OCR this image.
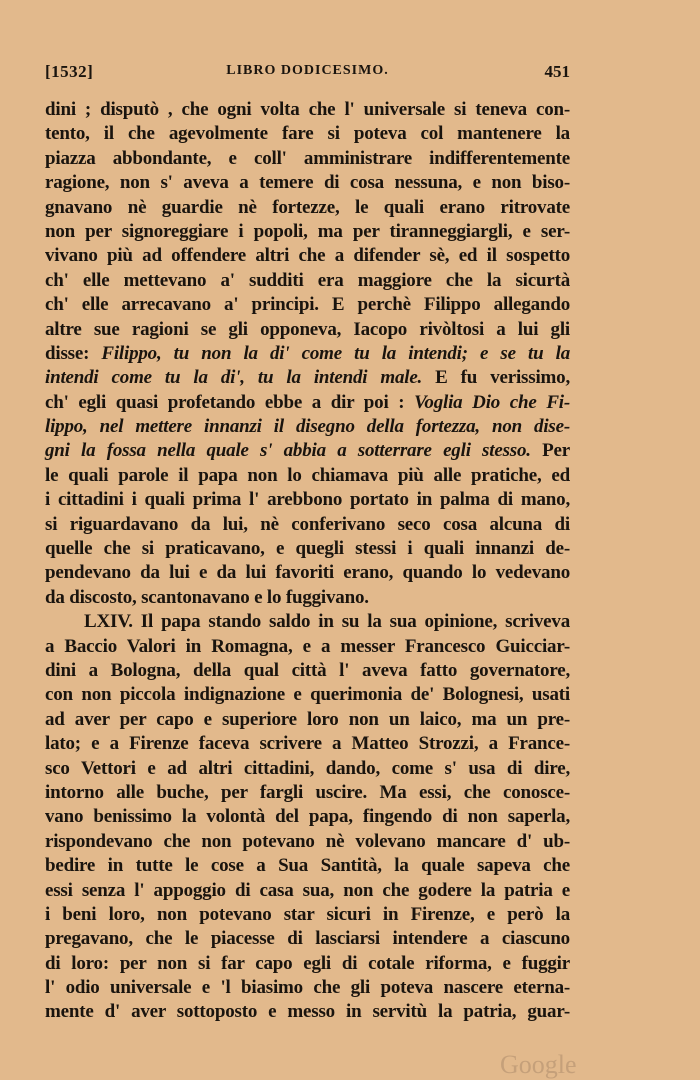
[1532]	LIBRO DODICESIMO.	451
dini ; disputò , che ogni volta che l' universale si teneva con-
tento, il che agevolmente fare si poteva col mantenere la
piazza abbondante, e coll' amministrare indifferentemente
ragione, non s' aveva a temere di cosa nessuna, e non biso-
gnavano nè guardie nè fortezze, le quali erano ritrovate
non per signoreggiare i popoli, ma per tiranneggiargli, e ser-
vivano più ad offendere altri che a difender sè, ed il sospetto
ch' elle mettevano a' sudditi era maggiore che la sicurtà
ch' elle arrecavano a' principi. E perchè Filippo allegando
altre sue ragioni se gli opponeva, Iacopo rivòltosi a lui gli
disse: Filippo, tu non la di' come tu la intendi; e se tu la
intendi come tu la di', tu la intendi male. E fu verissimo,
ch' egli quasi profetando ebbe a dir poi : Voglia Dio che Fi-
lippo, nel mettere innanzi il disegno della fortezza, non dise-
gni la fossa nella quale s' abbia a sotterrare egli stesso. Per
le quali parole il papa non lo chiamava più alle pratiche, ed
i cittadini i quali prima l' arebbono portato in palma di mano,
si riguardavano da lui, nè conferivano seco cosa alcuna di
quelle che si praticavano, e quegli stessi i quali innanzi de-
pendevano da lui e da lui favoriti erano, quando lo vedevano
da discosto, scantonavano e lo fuggivano.
LXIV. Il papa stando saldo in su la sua opinione, scriveva
a Baccio Valori in Romagna, e a messer Francesco Guicciar-
dini a Bologna, della qual città l' aveva fatto governatore,
con non piccola indignazione e querimonia de' Bolognesi, usati
ad aver per capo e superiore loro non un laico, ma un pre-
lato; e a Firenze faceva scrivere a Matteo Strozzi, a France-
sco Vettori e ad altri cittadini, dando, come s' usa di dire,
intorno alle buche, per fargli uscire. Ma essi, che conosce-
vano benissimo la volontà del papa, fingendo di non saperla,
rispondevano che non potevano nè volevano mancare d' ub-
bedire in tutte le cose a Sua Santità, la quale sapeva che
essi senza l' appoggio di casa sua, non che godere la patria e
i beni loro, non potevano star sicuri in Firenze, e però la
pregavano, che le piacesse di lasciarsi intendere a ciascuno
di loro: per non si far capo egli di cotale riforma, e fuggir
l' odio universale e 'l biasimo che gli poteva nascere eterna-
mente d' aver sottoposto e messo in servitù la patria, guar-
Google
